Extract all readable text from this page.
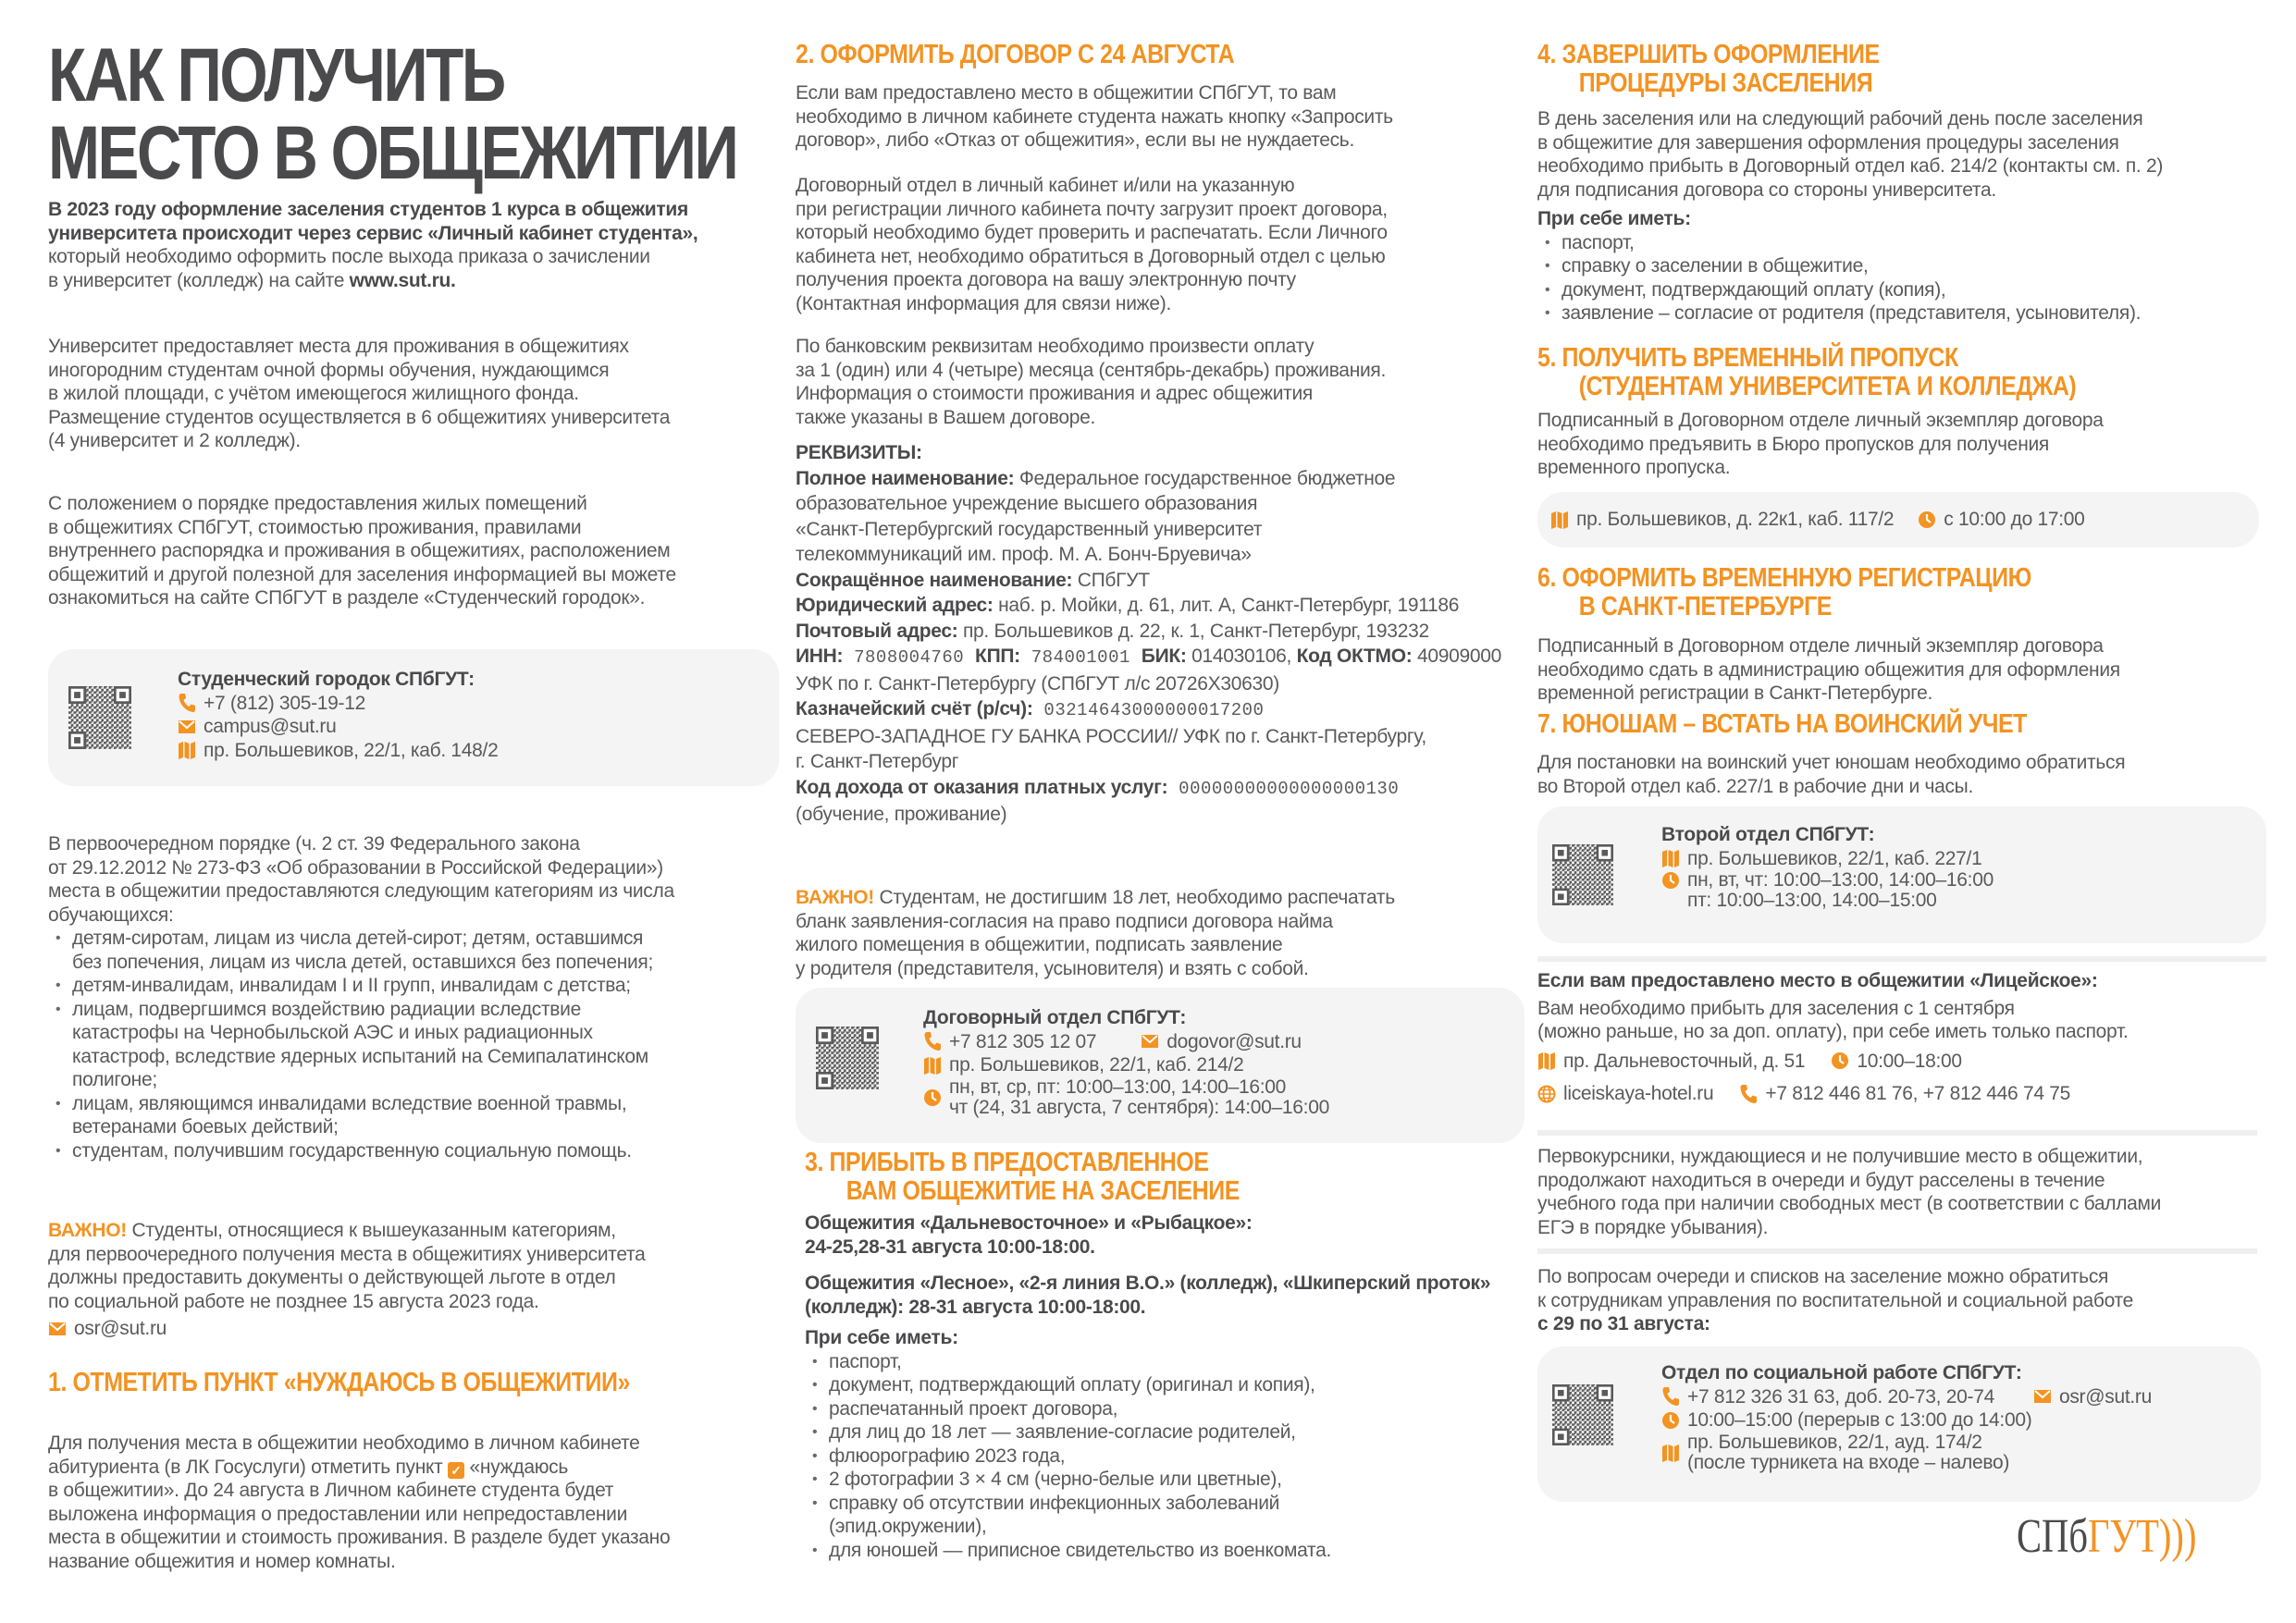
КАК ПОЛУЧИТЬ
МЕСТО В ОБЩЕЖИТИИ
В 2023 году оформление заселения студентов 1 курса в общежития
университета происходит через сервис «Личный кабинет студента»,
который необходимо оформить после выхода приказа о зачислении
в университет (колледж) на сайте www.sut.ru.
Университет предоставляет места для проживания в общежитиях
иногородним студентам очной формы обучения, нуждающимся
в жилой площади, с учётом имеющегося жилищного фонда.
Размещение студентов осуществляется в 6 общежитиях университета
(4 университет и 2 колледж).
С положением о порядке предоставления жилых помещений
в общежитиях СПбГУТ, стоимостью проживания, правилами
внутреннего распорядка и проживания в общежитиях, расположением
общежитий и другой полезной для заселения информацией вы можете
ознакомиться на сайте СПбГУТ в разделе «Студенческий городок».
Студенческий городок СПбГУТ:
+7 (812) 305-19-12
campus@sut.ru
пр. Большевиков, 22/1, каб. 148/2
В первоочередном порядке (ч. 2 ст. 39 Федерального закона
от 29.12.2012 № 273-ФЗ «Об образовании в Российской Федерации»)
места в общежитии предоставляются следующим категориям из числа
обучающихся:
• детям-сиротам, лицам из числа детей-сирот; детям, оставшимся
без попечения, лицам из числа детей, оставшихся без попечения;
• детям-инвалидам, инвалидам I и II групп, инвалидам с детства;
• лицам, подвергшимся воздействию радиации вследствие
катастрофы на Чернобыльской АЭС и иных радиационных
катастроф, вследствие ядерных испытаний на Семипалатинском
полигоне;
• лицам, являющимся инвалидами вследствие военной травмы,
ветеранами боевых действий;
• студентам, получившим государственную социальную помощь.
ВАЖНО! Студенты, относящиеся к вышеуказанным категориям,
для первоочередного получения места в общежитиях университета
должны предоставить документы о действующей льготе в отдел
по социальной работе не позднее 15 августа 2023 года.
osr@sut.ru
1. ОТМЕТИТЬ ПУНКТ «НУЖДАЮСЬ В ОБЩЕЖИТИИ»
Для получения места в общежитии необходимо в личном кабинете
абитуриента (в ЛК Госуслуги) отметить пункт ✓ «нуждаюсь
в общежитии». До 24 августа в Личном кабинете студента будет
выложена информация о предоставлении или непредоставлении
места в общежитии и стоимость проживания. В разделе будет указано
название общежития и номер комнаты.
2. ОФОРМИТЬ ДОГОВОР С 24 АВГУСТА
Если вам предоставлено место в общежитии СПбГУТ, то вам
необходимо в личном кабинете студента нажать кнопку «Запросить
договор», либо «Отказ от общежития», если вы не нуждаетесь.
Договорный отдел в личный кабинет и/или на указанную
при регистрации личного кабинета почту загрузит проект договора,
который необходимо будет проверить и распечатать. Если Личного
кабинета нет, необходимо обратиться в Договорный отдел с целью
получения проекта договора на вашу электронную почту
(Контактная информация для связи ниже).
По банковским реквизитам необходимо произвести оплату
за 1 (один) или 4 (четыре) месяца (сентябрь-декабрь) проживания.
Информация о стоимости проживания и адрес общежития
также указаны в Вашем договоре.
РЕКВИЗИТЫ:
Полное наименование: Федеральное государственное бюджетное
образовательное учреждение высшего образования
«Санкт-Петербургский государственный университет
телекоммуникаций им. проф. М. А. Бонч-Бруевича»
Сокращённое наименование: СПбГУТ
Юридический адрес: наб. р. Мойки, д. 61, лит. А, Санкт-Петербург, 191186
Почтовый адрес: пр. Большевиков д. 22, к. 1, Санкт-Петербург, 193232
ИНН: 7808004760 КПП: 784001001 БИК: 014030106, Код ОКТМО: 40909000
УФК по г. Санкт-Петербургу (СПбГУТ л/с 20726Х30630)
Казначейский счёт (р/сч): 03214643000000017200
СЕВЕРО-ЗАПАДНОЕ ГУ БАНКА РОССИИ// УФК по г. Санкт-Петербургу,
г. Санкт-Петербург
Код дохода от оказания платных услуг: 00000000000000000130
(обучение, проживание)
ВАЖНО! Студентам, не достигшим 18 лет, необходимо распечатать
бланк заявления-согласия на право подписи договора найма
жилого помещения в общежитии, подписать заявление
у родителя (представителя, усыновителя) и взять с собой.
Договорный отдел СПбГУТ:
+7 812 305 12 07	dogovor@sut.ru
пр. Большевиков, 22/1, каб. 214/2
пн, вт, ср, пт: 10:00–13:00, 14:00–16:00
чт (24, 31 августа, 7 сентября): 14:00–16:00
3. ПРИБЫТЬ В ПРЕДОСТАВЛЕННОЕ
ВАМ ОБЩЕЖИТИЕ НА ЗАСЕЛЕНИЕ
Общежития «Дальневосточное» и «Рыбацкое»:
24-25,28-31 августа 10:00-18:00.
Общежития «Лесное», «2-я линия В.О.» (колледж), «Шкиперский проток»
(колледж): 28-31 августа 10:00-18:00.
При себе иметь:
• паспорт,
• документ, подтверждающий оплату (оригинал и копия),
• распечатанный проект договора,
• для лиц до 18 лет — заявление-согласие родителей,
• флюорографию 2023 года,
• 2 фотографии 3 × 4 см (черно-белые или цветные),
• справку об отсутствии инфекционных заболеваний
(эпид.окружении),
• для юношей — приписное свидетельство из военкомата.
4. ЗАВЕРШИТЬ ОФОРМЛЕНИЕ
ПРОЦЕДУРЫ ЗАСЕЛЕНИЯ
В день заселения или на следующий рабочий день после заселения
в общежитие для завершения оформления процедуры заселения
необходимо прибыть в Договорный отдел каб. 214/2 (контакты см. п. 2)
для подписания договора со стороны университета.
При себе иметь:
• паспорт,
• справку о заселении в общежитие,
• документ, подтверждающий оплату (копия),
• заявление – согласие от родителя (представителя, усыновителя).
5. ПОЛУЧИТЬ ВРЕМЕННЫЙ ПРОПУСК
(СТУДЕНТАМ УНИВЕРСИТЕТА И КОЛЛЕДЖА)
Подписанный в Договорном отделе личный экземпляр договора
необходимо предъявить в Бюро пропусков для получения
временного пропуска.
пр. Большевиков, д. 22к1, каб. 117/2	с 10:00 до 17:00
6. ОФОРМИТЬ ВРЕМЕННУЮ РЕГИСТРАЦИЮ
В САНКТ-ПЕТЕРБУРГЕ
Подписанный в Договорном отделе личный экземпляр договора
необходимо сдать в администрацию общежития для оформления
временной регистрации в Санкт-Петербурге.
7. ЮНОШАМ – ВСТАТЬ НА ВОИНСКИЙ УЧЕТ
Для постановки на воинский учет юношам необходимо обратиться
во Второй отдел каб. 227/1 в рабочие дни и часы.
Второй отдел СПбГУТ:
пр. Большевиков, 22/1, каб. 227/1
пн, вт, чт: 10:00–13:00, 14:00–16:00
пт: 10:00–13:00, 14:00–15:00
Если вам предоставлено место в общежитии «Лицейское»:
Вам необходимо прибыть для заселения с 1 сентября
(можно раньше, но за доп. оплату), при себе иметь только паспорт.
пр. Дальневосточный, д. 51	10:00–18:00
liceiskaya-hotel.ru	+7 812 446 81 76, +7 812 446 74 75
Первокурсники, нуждающиеся и не получившие место в общежитии,
продолжают находиться в очереди и будут расселены в течение
учебного года при наличии свободных мест (в соответствии с баллами
ЕГЭ в порядке убывания).
По вопросам очереди и списков на заселение можно обратиться
к сотрудникам управления по воспитательной и социальной работе
с 29 по 31 августа:
Отдел по социальной работе СПбГУТ:
+7 812 326 31 63, доб. 20-73, 20-74	osr@sut.ru
10:00–15:00 (перерыв с 13:00 до 14:00)
пр. Большевиков, 22/1, ауд. 174/2
(после турникета на входе – налево)
СПбГУТ)))
